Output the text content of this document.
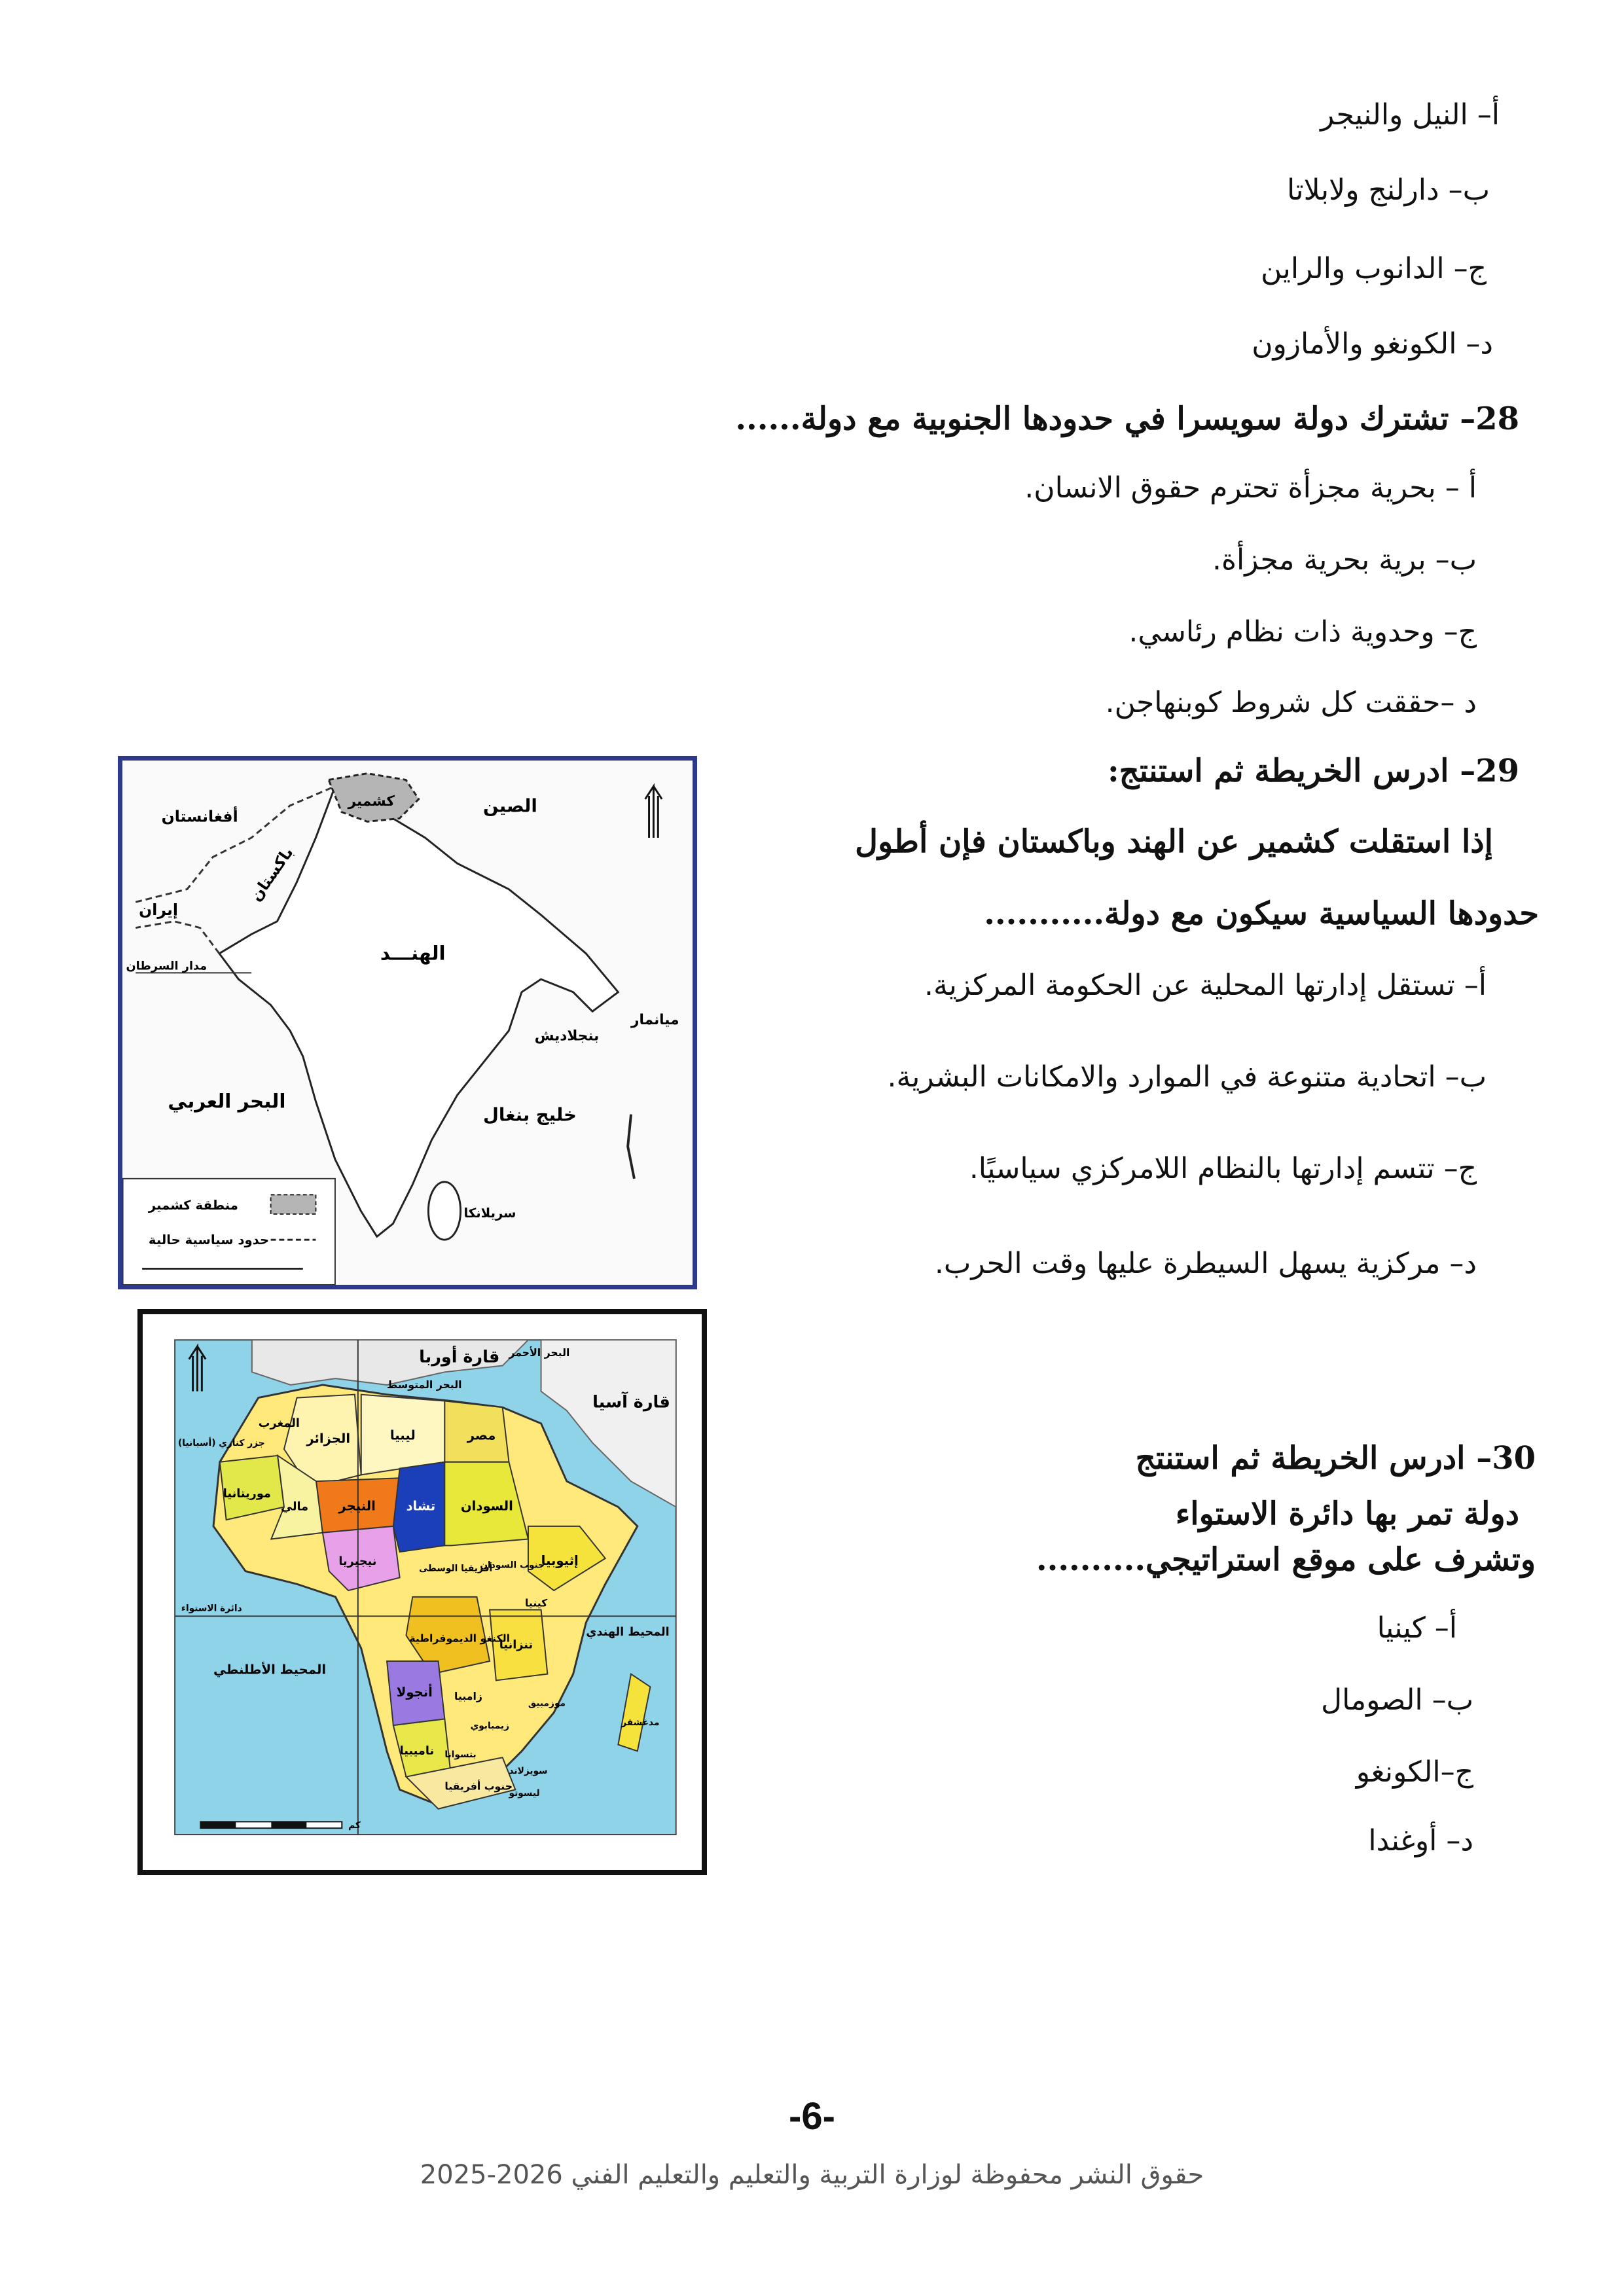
أ– النيل والنيجر
ب– دارلنج ولابلاتا
ج– الدانوب والراين
د– الكونغو والأمازون
28– تشترك دولة سويسرا في حدودها الجنوبية مع دولة......
أ – بحرية مجزأة تحترم حقوق الانسان.
ب– برية بحرية مجزأة.
ج– وحدوية ذات نظام رئاسي.
د –حققت كل شروط كوبنهاجن.
29– ادرس الخريطة ثم استنتج:
إذا استقلت كشمير عن الهند وباكستان فإن أطول
حدودها السياسية سيكون مع دولة...........
أ– تستقل إدارتها المحلية عن الحكومة المركزية.
ب– اتحادية متنوعة في الموارد والامكانات البشرية.
ج– تتسم إدارتها بالنظام اللامركزي سياسيًا.
د– مركزية يسهل السيطرة عليها وقت الحرب.
أفغانستان
كشمير	الصين
باكستان
إيران
الهنـــد
مدار السرطان
بنجلاديش
ميانمار
البحر العربي
خليج بنغال
سريلانكا
منطقة كشمير
حدود سياسية حالية
30– ادرس الخريطة ثم استنتج
دولة تمر بها دائرة الاستواء
وتشرف على موقع استراتيجي..........
أ– كينيا
ب– الصومال
ج–الكونغو
د– أوغندا
قارة أوربا
قارة آسيا
البحر المتوسط
البحر الأحمر
المغرب
الجزائر	ليبيا	مصر
موريتانيا
مالي النيجر تشاد السودان
نيجيريا	إثيوبيا
جنوب السودان
أفريقيا الوسطى
الكنغو الديموقراطية
كينيا
تنزانيا
أنجولا زامبيا
موزمبيق
زيمبابوي
ناميبيا بتسوانا
سويزلاند
جنوب أفريقيا
ليسوتو
مدغشقر
المحيط الأطلنطي
المحيط الهندي
دائرة الاستواء
جزر كناري (أسبانيا)
كم
-6-
حقوق النشر محفوظة لوزارة التربية والتعليم والتعليم الفني 2026-2025
